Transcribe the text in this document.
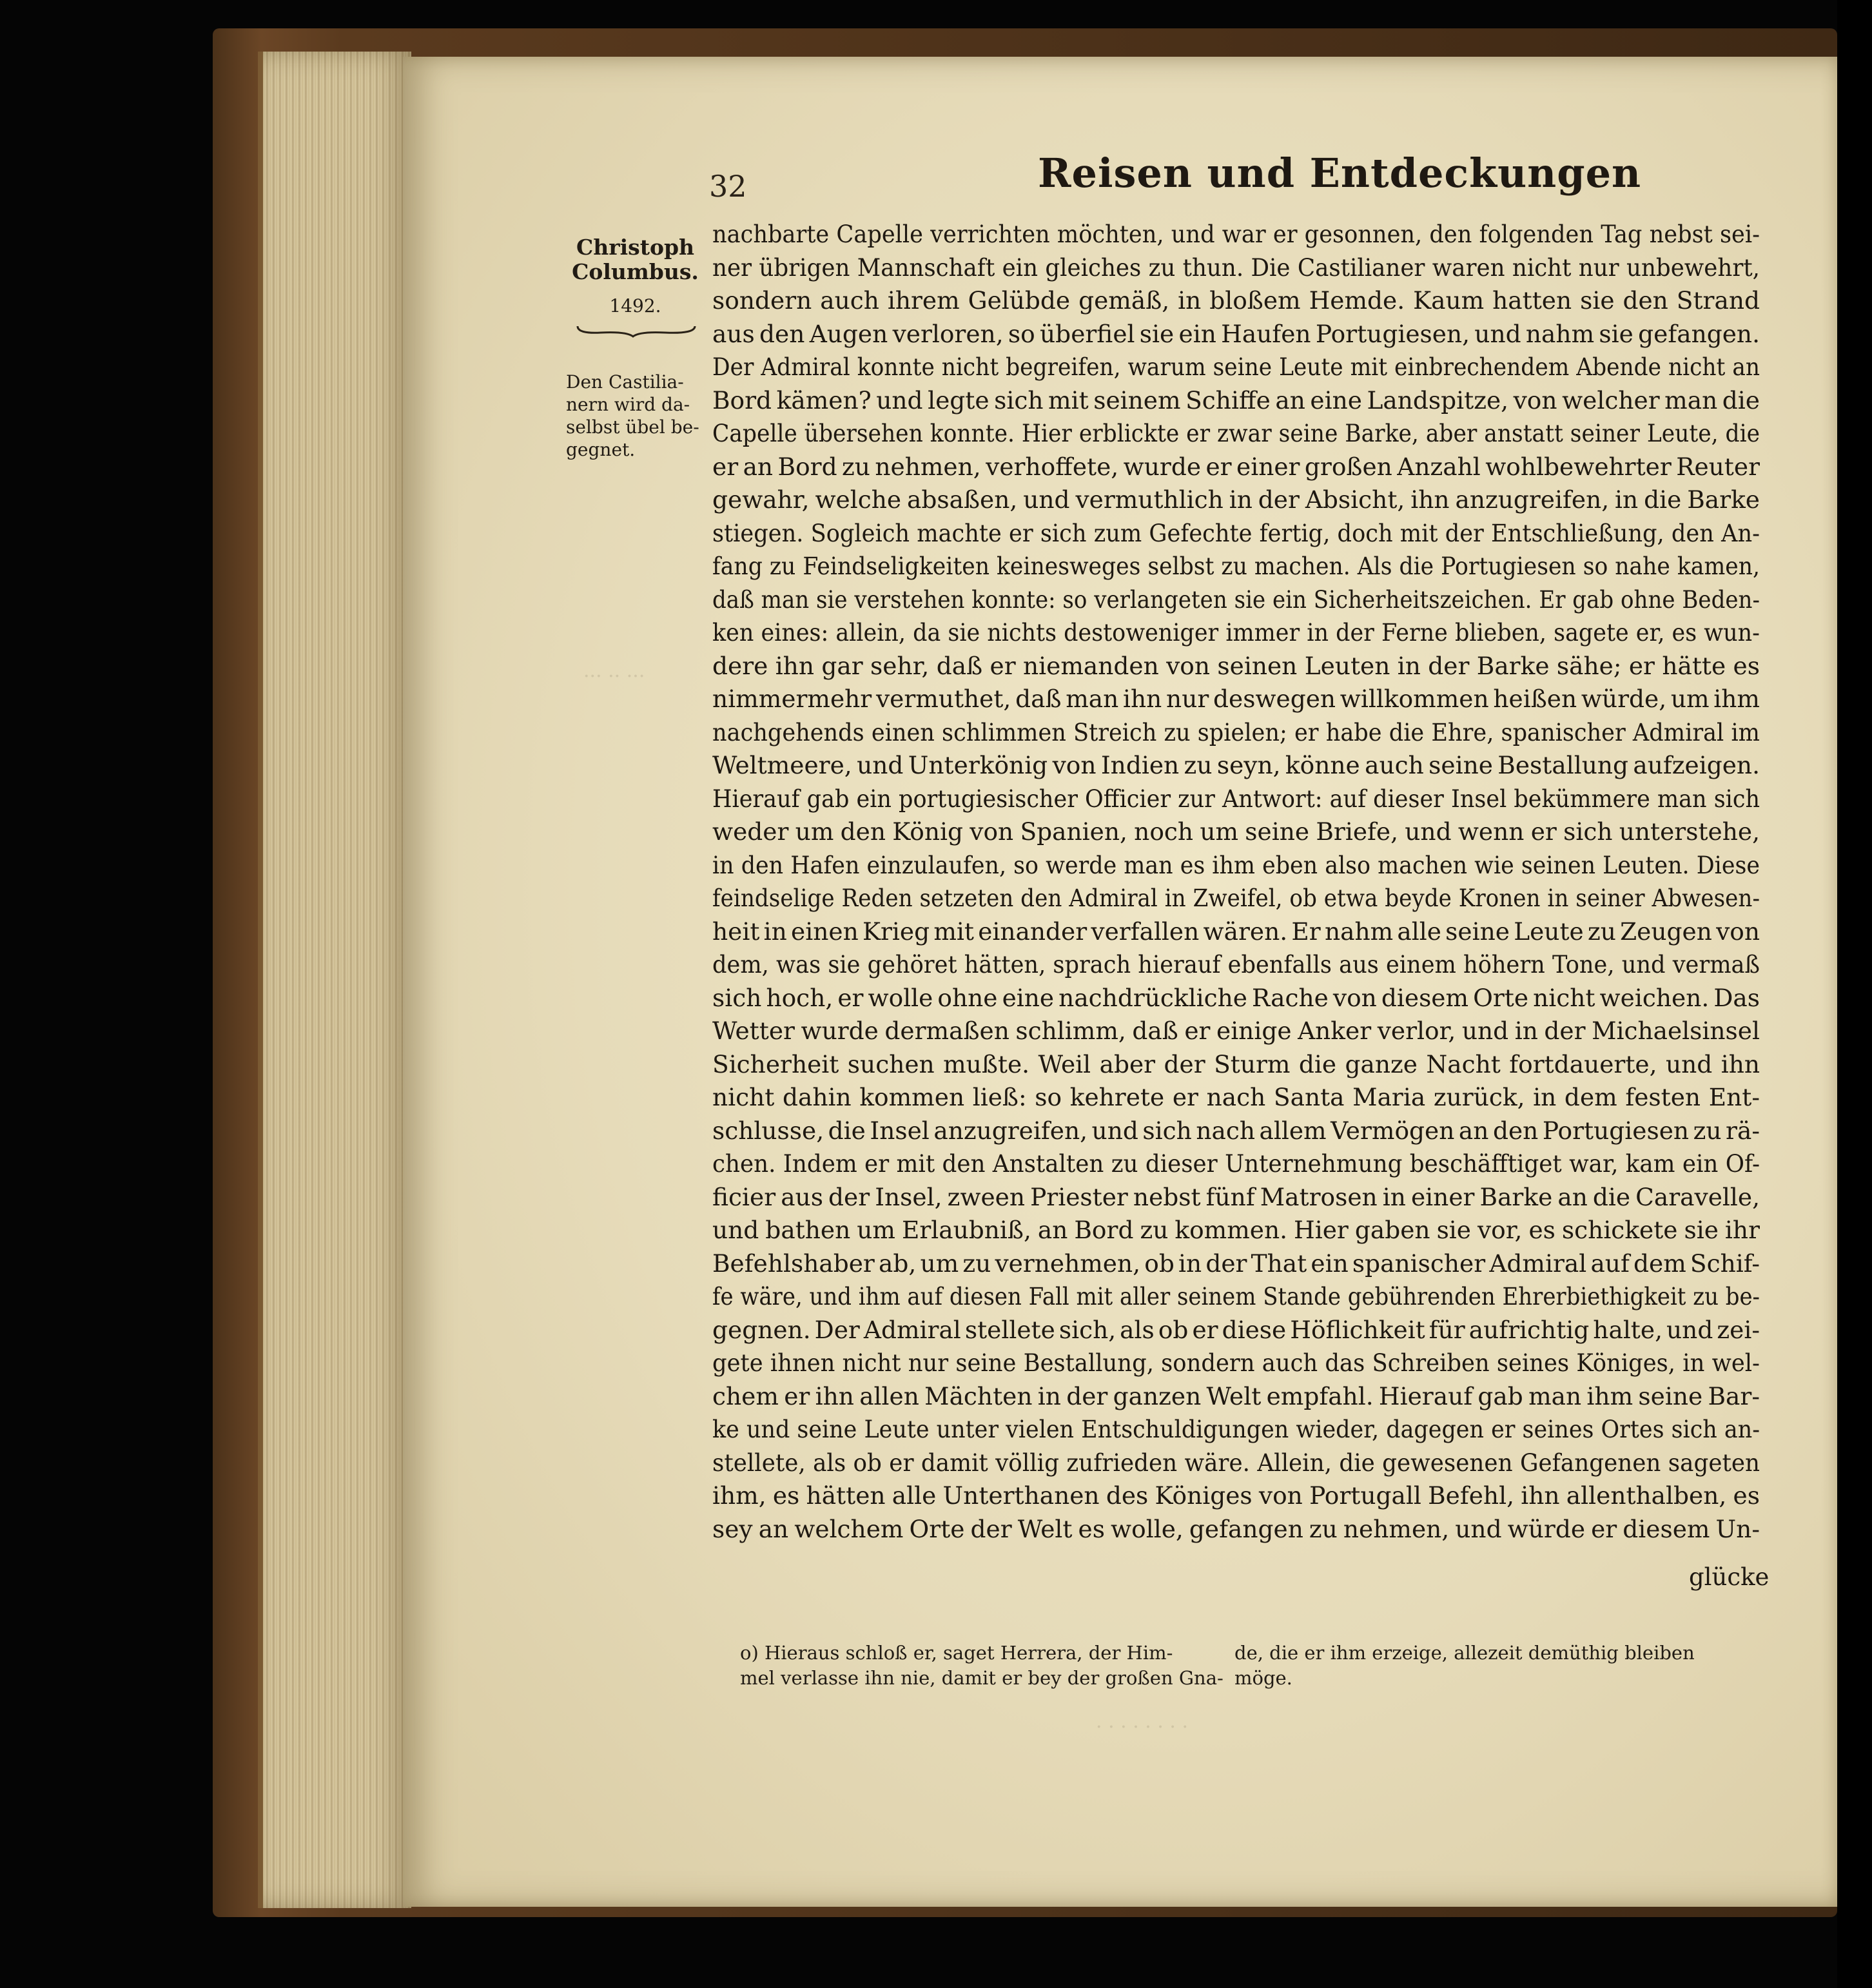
··· ·· ···
· · · · · · · ·
32	Reisen und Entdeckungen
Christoph Columbus.
1492.
Den Castilia-
nern wird da-
selbst übel be-
gegnet.
nachbarte Capelle verrichten möchten, und war er gesonnen, den folgenden Tag nebst sei-
ner übrigen Mannschaft ein gleiches zu thun. Die Castilianer waren nicht nur unbewehrt,
sondern auch ihrem Gelübde gemäß, in bloßem Hemde. Kaum hatten sie den Strand
aus den Augen verloren, so überfiel sie ein Haufen Portugiesen, und nahm sie gefangen.
Der Admiral konnte nicht begreifen, warum seine Leute mit einbrechendem Abende nicht an
Bord kämen? und legte sich mit seinem Schiffe an eine Landspitze, von welcher man die
Capelle übersehen konnte. Hier erblickte er zwar seine Barke, aber anstatt seiner Leute, die
er an Bord zu nehmen, verhoffete, wurde er einer großen Anzahl wohlbewehrter Reuter
gewahr, welche absaßen, und vermuthlich in der Absicht, ihn anzugreifen, in die Barke
stiegen. Sogleich machte er sich zum Gefechte fertig, doch mit der Entschließung, den An-
fang zu Feindseligkeiten keinesweges selbst zu machen. Als die Portugiesen so nahe kamen,
daß man sie verstehen konnte: so verlangeten sie ein Sicherheitszeichen. Er gab ohne Beden-
ken eines: allein, da sie nichts destoweniger immer in der Ferne blieben, sagete er, es wun-
dere ihn gar sehr, daß er niemanden von seinen Leuten in der Barke sähe; er hätte es
nimmermehr vermuthet, daß man ihn nur deswegen willkommen heißen würde, um ihm
nachgehends einen schlimmen Streich zu spielen; er habe die Ehre, spanischer Admiral im
Weltmeere, und Unterkönig von Indien zu seyn, könne auch seine Bestallung aufzeigen.
Hierauf gab ein portugiesischer Officier zur Antwort: auf dieser Insel bekümmere man sich
weder um den König von Spanien, noch um seine Briefe, und wenn er sich unterstehe,
in den Hafen einzulaufen, so werde man es ihm eben also machen wie seinen Leuten. Diese
feindselige Reden setzeten den Admiral in Zweifel, ob etwa beyde Kronen in seiner Abwesen-
heit in einen Krieg mit einander verfallen wären. Er nahm alle seine Leute zu Zeugen von
dem, was sie gehöret hätten, sprach hierauf ebenfalls aus einem höhern Tone, und vermaß
sich hoch, er wolle ohne eine nachdrückliche Rache von diesem Orte nicht weichen. Das
Wetter wurde dermaßen schlimm, daß er einige Anker verlor, und in der Michaelsinsel
Sicherheit suchen mußte. Weil aber der Sturm die ganze Nacht fortdauerte, und ihn
nicht dahin kommen ließ: so kehrete er nach Santa Maria zurück, in dem festen Ent-
schlusse, die Insel anzugreifen, und sich nach allem Vermögen an den Portugiesen zu rä-
chen. Indem er mit den Anstalten zu dieser Unternehmung beschäfftiget war, kam ein Of-
ficier aus der Insel, zween Priester nebst fünf Matrosen in einer Barke an die Caravelle,
und bathen um Erlaubniß, an Bord zu kommen. Hier gaben sie vor, es schickete sie ihr
Befehlshaber ab, um zu vernehmen, ob in der That ein spanischer Admiral auf dem Schif-
fe wäre, und ihm auf diesen Fall mit aller seinem Stande gebührenden Ehrerbiethigkeit zu be-
gegnen. Der Admiral stellete sich, als ob er diese Höflichkeit für aufrichtig halte, und zei-
gete ihnen nicht nur seine Bestallung, sondern auch das Schreiben seines Königes, in wel-
chem er ihn allen Mächten in der ganzen Welt empfahl. Hierauf gab man ihm seine Bar-
ke und seine Leute unter vielen Entschuldigungen wieder, dagegen er seines Ortes sich an-
stellete, als ob er damit völlig zufrieden wäre. Allein, die gewesenen Gefangenen sageten
ihm, es hätten alle Unterthanen des Königes von Portugall Befehl, ihn allenthalben, es
sey an welchem Orte der Welt es wolle, gefangen zu nehmen, und würde er diesem Un-
glücke
o) Hieraus schloß er, saget Herrera, der Him-
mel verlasse ihn nie, damit er bey der großen Gna-
de, die er ihm erzeige, allezeit demüthig bleiben
möge.
